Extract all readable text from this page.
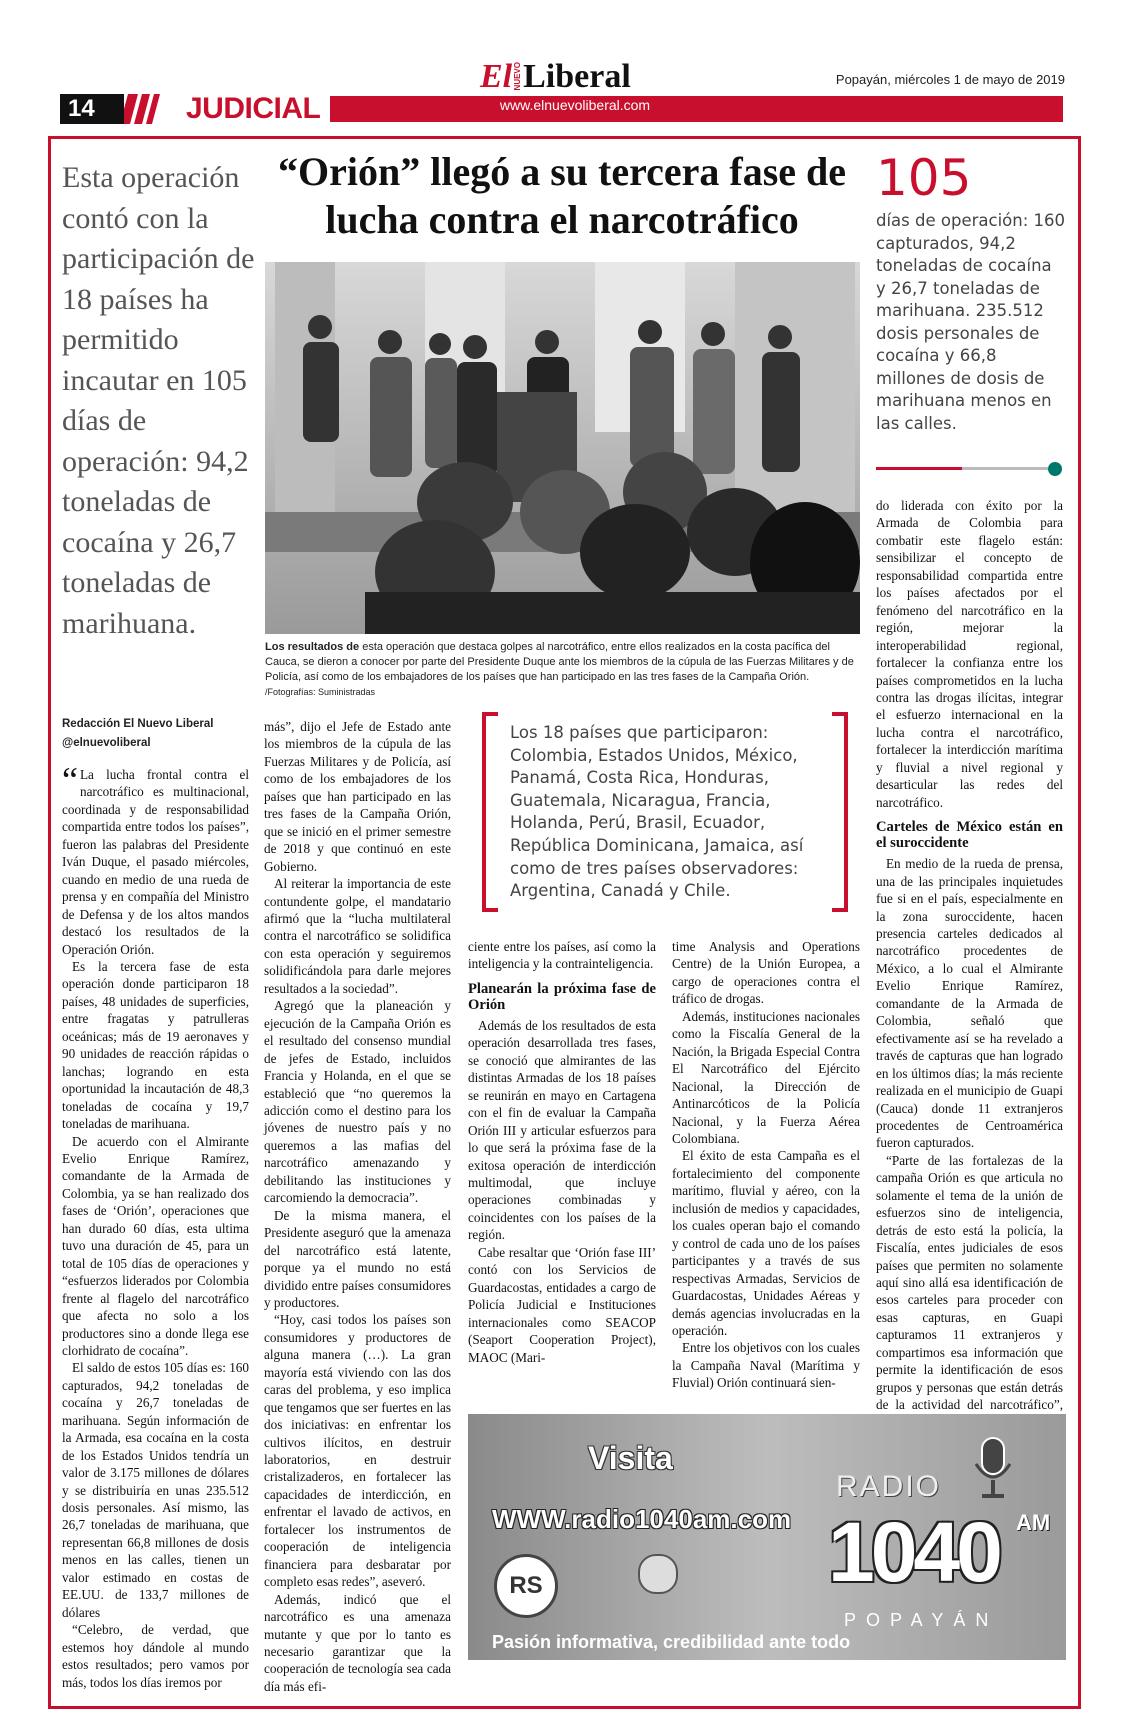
14	JUDICIAL	www.elnuevoliberal.com
ElNUEVOLiberal	Popayán, miércoles 1 de mayo de 2019
Esta operación contó con la participación de 18 países ha permitido incautar en 105 días de operación: 94,2 toneladas de cocaína y 26,7 toneladas de marihuana.
“Orión” llegó a su tercera fase de lucha contra el narcotráfico
Los resultados de esta operación que destaca golpes al narcotráfico, entre ellos realizados en la costa pacífica del Cauca, se dieron a conocer por parte del Presidente Duque ante los miembros de la cúpula de las Fuerzas Militares y de Policía, así como de los embajadores de los países que han participado en las tres fases de la Campaña Orión. /Fotografías: Suministradas
105
días de operación: 160 capturados, 94,2 toneladas de cocaína y 26,7 toneladas de marihuana. 235.512 dosis personales de cocaína y 66,8 millones de dosis de marihuana menos en las calles.
Redacción El Nuevo Liberal
@elnuevoliberal

“ La lucha frontal contra el narcotráfico es multinacional, coordinada y de responsabilidad compartida entre todos los países”, fueron las palabras del Presidente Iván Duque, el pasado miércoles, cuando en medio de una rueda de prensa y en compañía del Ministro de Defensa y de los altos mandos destacó los resultados de la Operación Orión.

Es la tercera fase de esta operación donde participaron 18 países, 48 unidades de superficies, entre fragatas y patrulleras oceánicas; más de 19 aeronaves y 90 unidades de reacción rápidas o lanchas; logrando en esta oportunidad la incautación de 48,3 toneladas de cocaína y 19,7 toneladas de marihuana.

De acuerdo con el Almirante Evelio Enrique Ramírez, comandante de la Armada de Colombia, ya se han realizado dos fases de ‘Orión’, operaciones que han durado 60 días, esta ultima tuvo una duración de 45, para un total de 105 días de operaciones y “esfuerzos liderados por Colombia frente al flagelo del narcotráfico que afecta no solo a los productores sino a donde llega ese clorhidrato de cocaína”.

El saldo de estos 105 días es: 160 capturados, 94,2 toneladas de cocaína y 26,7 toneladas de marihuana. Según información de la Armada, esa cocaína en la costa de los Estados Unidos tendría un valor de 3.175 millones de dólares y se distribuiría en unas 235.512 dosis personales. Así mismo, las 26,7 toneladas de marihuana, que representan 66,8 millones de dosis menos en las calles, tienen un valor estimado en costas de EE.UU. de 133,7 millones de dólares

“Celebro, de verdad, que estemos hoy dándole al mundo estos resultados; pero vamos por más, todos los días iremos por

más”, dijo el Jefe de Estado ante los miembros de la cúpula de las Fuerzas Militares y de Policía, así como de los embajadores de los países que han participado en las tres fases de la Campaña Orión, que se inició en el primer semestre de 2018 y que continuó en este Gobierno.

Al reiterar la importancia de este contundente golpe, el mandatario afirmó que la “lucha multilateral contra el narcotráfico se solidifica con esta operación y seguiremos solidificándola para darle mejores resultados a la sociedad”.

Agregó que la planeación y ejecución de la Campaña Orión es el resultado del consenso mundial de jefes de Estado, incluidos Francia y Holanda, en el que se estableció que “no queremos la adicción como el destino para los jóvenes de nuestro país y no queremos a las mafias del narcotráfico amenazando y debilitando las instituciones y carcomiendo la democracia”.

De la misma manera, el Presidente aseguró que la amenaza del narcotráfico está latente, porque ya el mundo no está dividido entre países consumidores y productores.

“Hoy, casi todos los países son consumidores y productores de alguna manera (…). La gran mayoría está viviendo con las dos caras del problema, y eso implica que tengamos que ser fuertes en las dos iniciativas: en enfrentar los cultivos ilícitos, en destruir laboratorios, en destruir cristalizaderos, en fortalecer las capacidades de interdicción, en enfrentar el lavado de activos, en fortalecer los instrumentos de cooperación de inteligencia financiera para desbaratar por completo esas redes”, aseveró.

Además, indicó que el narcotráfico es una amenaza mutante y que por lo tanto es necesario garantizar que la cooperación de tecnología sea cada día más efi-

Los 18 países que participaron: Colombia, Estados Unidos, México, Panamá, Costa Rica, Honduras, Guatemala, Nicaragua, Francia, Holanda, Perú, Brasil, Ecuador, República Dominicana, Jamaica, así como de tres países observadores: Argentina, Canadá y Chile.

ciente entre los países, así como la inteligencia y la contrainteligencia.

Planearán la próxima fase de Orión

Además de los resultados de esta operación desarrollada tres fases, se conoció que almirantes de las distintas Armadas de los 18 países se reunirán en mayo en Cartagena con el fin de evaluar la Campaña Orión III y articular esfuerzos para lo que será la próxima fase de la exitosa operación de interdicción multimodal, que incluye operaciones combinadas y coincidentes con los países de la región.

Cabe resaltar que ‘Orión fase III’ contó con los Servicios de Guardacostas, entidades a cargo de Policía Judicial e Instituciones internacionales como SEACOP (Seaport Cooperation Project), MAOC (Mari-

time Analysis and Operations Centre) de la Unión Europea, a cargo de operaciones contra el tráfico de drogas.

Además, instituciones nacionales como la Fiscalía General de la Nación, la Brigada Especial Contra El Narcotráfico del Ejército Nacional, la Dirección de Antinarcóticos de la Policía Nacional, y la Fuerza Aérea Colombiana.

El éxito de esta Campaña es el fortalecimiento del componente marítimo, fluvial y aéreo, con la inclusión de medios y capacidades, los cuales operan bajo el comando y control de cada uno de los países participantes y a través de sus respectivas Armadas, Servicios de Guardacostas, Unidades Aéreas y demás agencias involucradas en la operación.

Entre los objetivos con los cuales la Campaña Naval (Marítima y Fluvial) Orión continuará sien-

do liderada con éxito por la Armada de Colombia para combatir este flagelo están: sensibilizar el concepto de responsabilidad compartida entre los países afectados por el fenómeno del narcotráfico en la región, mejorar la interoperabilidad regional, fortalecer la confianza entre los países comprometidos en la lucha contra las drogas ilícitas, integrar el esfuerzo internacional en la lucha contra el narcotráfico, fortalecer la interdicción marítima y fluvial a nivel regional y desarticular las redes del narcotráfico.

Carteles de México están en el suroccidente

En medio de la rueda de prensa, una de las principales inquietudes fue si en el país, especialmente en la zona suroccidente, hacen presencia carteles dedicados al narcotráfico procedentes de México, a lo cual el Almirante Evelio Enrique Ramírez, comandante de la Armada de Colombia, señaló que efectivamente así se ha revelado a través de capturas que han logrado en los últimos días; la más reciente realizada en el municipio de Guapi (Cauca) donde 11 extranjeros procedentes de Centroamérica fueron capturados.

“Parte de las fortalezas de la campaña Orión es que articula no solamente el tema de la unión de esfuerzos sino de inteligencia, detrás de esto está la policía, la Fiscalía, entes judiciales de esos países que permiten no solamente aquí sino allá esa identificación de esos carteles para proceder con esas capturas, en Guapi capturamos 11 extranjeros y compartimos esa información que permite la identificación de esos grupos y personas que están detrás de la actividad del narcotráfico”,

Visita
WWW.radio1040am.com
RADIO
1040 AM
POPAYÁN
RS
Pasión informativa, credibilidad ante todo
